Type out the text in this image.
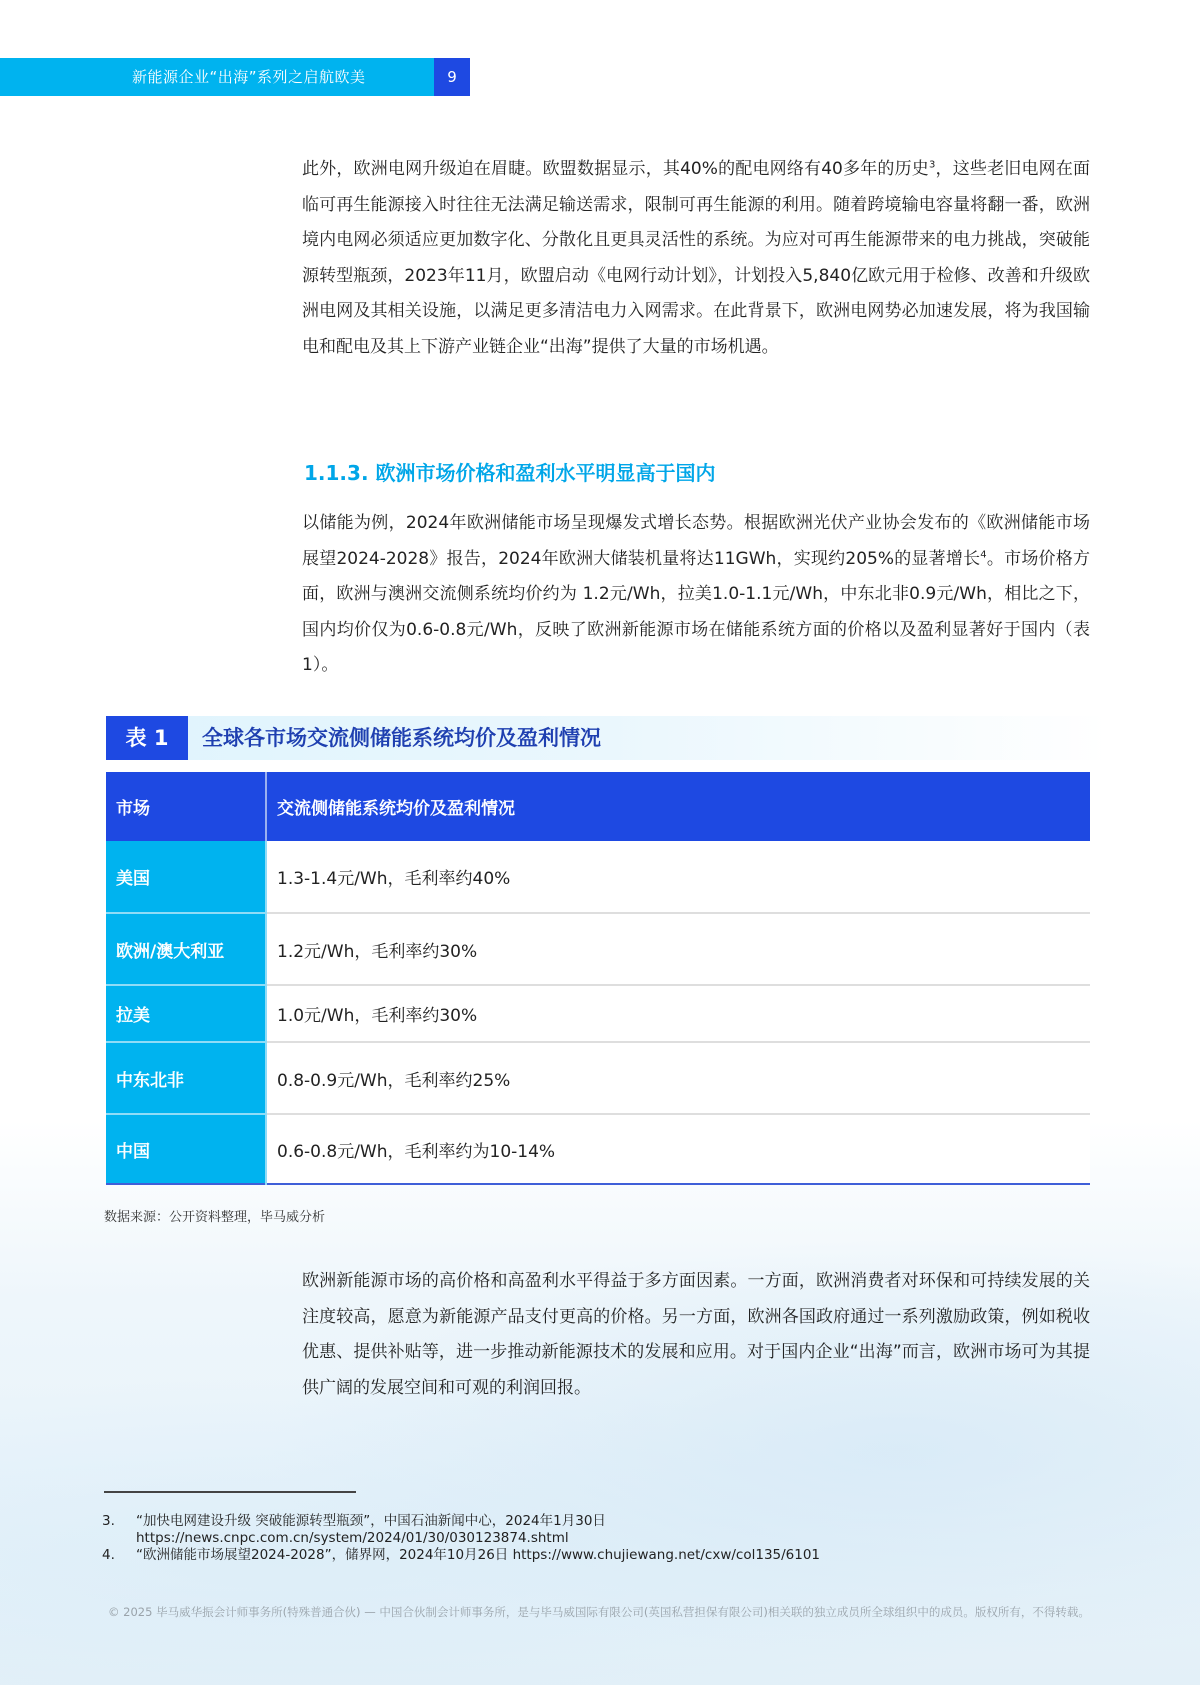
新能源企业“出海”系列之启航欧美	9

此外，欧洲电网升级迫在眉睫。欧盟数据显示，其40%的配电网络有40多年的历史$^3$，这些老旧电网在面临可再生能源接入时往往无法满足输送需求，限制可再生能源的利用。随着跨境输电容量将翻一番，欧洲境内电网必须适应更加数字化、分散化且更具灵活性的系统。为应对可再生能源带来的电力挑战，突破能源转型瓶颈，2023年11月，欧盟启动《电网行动计划》，计划投入5,840亿欧元用于检修、改善和升级欧洲电网及其相关设施，以满足更多清洁电力入网需求。在此背景下，欧洲电网势必加速发展，将为我国输电和配电及其上下游产业链企业“出海”提供了大量的市场机遇。

1.1.3. 欧洲市场价格和盈利水平明显高于国内

以储能为例，2024年欧洲储能市场呈现爆发式增长态势。根据欧洲光伏产业协会发布的《欧洲储能市场展望2024-2028》报告，2024年欧洲大储装机量将达11GWh，实现约205%的显著增长$^4$。市场价格方面，欧洲与澳洲交流侧系统均价约为 1.2元/Wh，拉美1.0-1.1元/Wh，中东北非0.9元/Wh，相比之下，国内均价仅为0.6-0.8元/Wh，反映了欧洲新能源市场在储能系统方面的价格以及盈利显著好于国内（表 1）。

表 1	全球各市场交流侧储能系统均价及盈利情况
市场	交流侧储能系统均价及盈利情况
美国	1.3-1.4元/Wh，毛利率约40%
欧洲/澳大利亚	1.2元/Wh，毛利率约30%
拉美	1.0元/Wh，毛利率约30%
中东北非	0.8-0.9元/Wh，毛利率约25%
中国	0.6-0.8元/Wh，毛利率约为10-14%
数据来源：公开资料整理，毕马威分析

欧洲新能源市场的高价格和高盈利水平得益于多方面因素。一方面，欧洲消费者对环保和可持续发展的关注度较高，愿意为新能源产品支付更高的价格。另一方面，欧洲各国政府通过一系列激励政策，例如税收优惠、提供补贴等，进一步推动新能源技术的发展和应用。对于国内企业“出海”而言，欧洲市场可为其提供广阔的发展空间和可观的利润回报。

3.	“加快电网建设升级 突破能源转型瓶颈”，中国石油新闻中心，2024年1月30日
https://news.cnpc.com.cn/system/2024/01/30/030123874.shtml
4.	“欧洲储能市场展望2024-2028”，储界网，2024年10月26日 https://www.chujiewang.net/cxw/col135/6101
© 2025 毕马威华振会计师事务所(特殊普通合伙) — 中国合伙制会计师事务所，是与毕马威国际有限公司(英国私营担保有限公司)相关联的独立成员所全球组织中的成员。版权所有，不得转载。
